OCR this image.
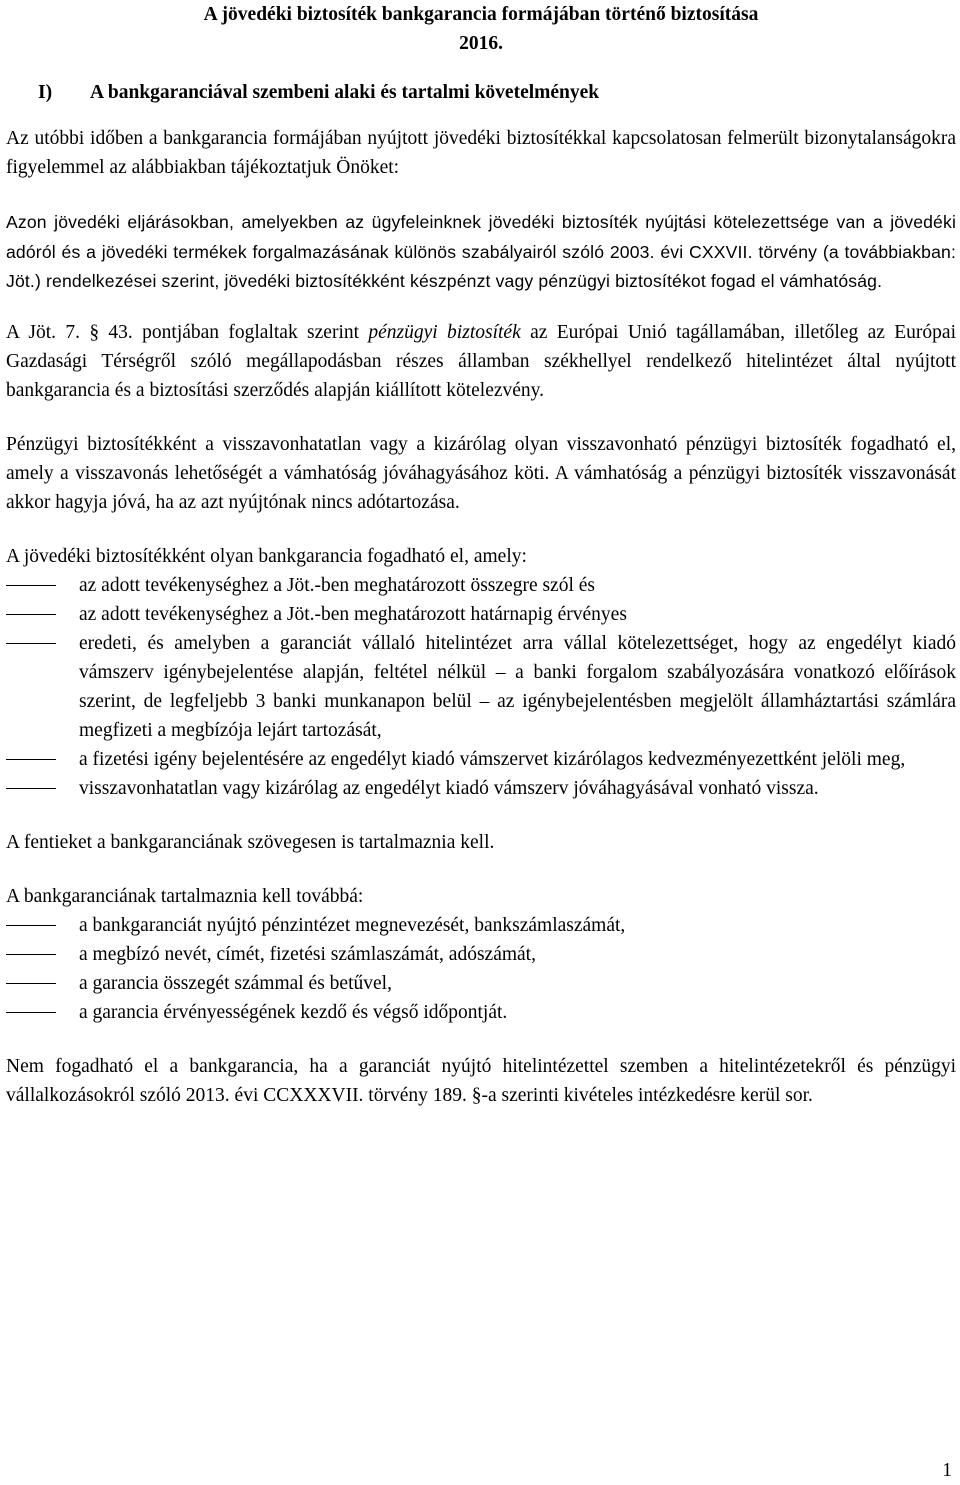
A jövedéki biztosíték bankgarancia formájában történő biztosítása
2016.

I)	A bankgaranciával szembeni alaki és tartalmi követelmények

Az utóbbi időben a bankgarancia formájában nyújtott jövedéki biztosítékkal kapcsolatosan felmerült bizonytalanságokra figyelemmel az alábbiakban tájékoztatjuk Önöket:

Azon jövedéki eljárásokban, amelyekben az ügyfeleinknek jövedéki biztosíték nyújtási kötelezettsége van a jövedéki adóról és a jövedéki termékek forgalmazásának különös szabályairól szóló 2003. évi CXXVII. törvény (a továbbiakban: Jöt.) rendelkezései szerint, jövedéki biztosítékként készpénzt vagy pénzügyi biztosítékot fogad el vámhatóság.

A Jöt. 7. § 43. pontjában foglaltak szerint pénzügyi biztosíték az Európai Unió tagállamában, illetőleg az Európai Gazdasági Térségről szóló megállapodásban részes államban székhellyel rendelkező hitelintézet által nyújtott bankgarancia és a biztosítási szerződés alapján kiállított kötelezvény.

Pénzügyi biztosítékként a visszavonhatatlan vagy a kizárólag olyan visszavonható pénzügyi biztosíték fogadható el, amely a visszavonás lehetőségét a vámhatóság jóváhagyásához köti. A vámhatóság a pénzügyi biztosíték visszavonását akkor hagyja jóvá, ha az azt nyújtónak nincs adótartozása.

A jövedéki biztosítékként olyan bankgarancia fogadható el, amely:

az adott tevékenységhez a Jöt.-ben meghatározott összegre szól és
az adott tevékenységhez a Jöt.-ben meghatározott határnapig érvényes
eredeti, és amelyben a garanciát vállaló hitelintézet arra vállal kötelezettséget, hogy az engedélyt kiadó vámszerv igénybejelentése alapján, feltétel nélkül – a banki forgalom szabályozására vonatkozó előírások szerint, de legfeljebb 3 banki munkanapon belül – az igénybejelentésben megjelölt államháztartási számlára megfizeti a megbízója lejárt tartozását,
a fizetési igény bejelentésére az engedélyt kiadó vámszervet kizárólagos kedvezményezettként jelöli meg,
visszavonhatatlan vagy kizárólag az engedélyt kiadó vámszerv jóváhagyásával vonható vissza.

A fentieket a bankgaranciának szövegesen is tartalmaznia kell.

A bankgaranciának tartalmaznia kell továbbá:

a bankgaranciát nyújtó pénzintézet megnevezését, bankszámlaszámát,
a megbízó nevét, címét, fizetési számlaszámát, adószámát,
a garancia összegét számmal és betűvel,
a garancia érvényességének kezdő és végső időpontját.

Nem fogadható el a bankgarancia, ha a garanciát nyújtó hitelintézettel szemben a hitelintézetekről és pénzügyi vállalkozásokról szóló 2013. évi CCXXXVII. törvény 189. §-a szerinti kivételes intézkedésre kerül sor.

1
